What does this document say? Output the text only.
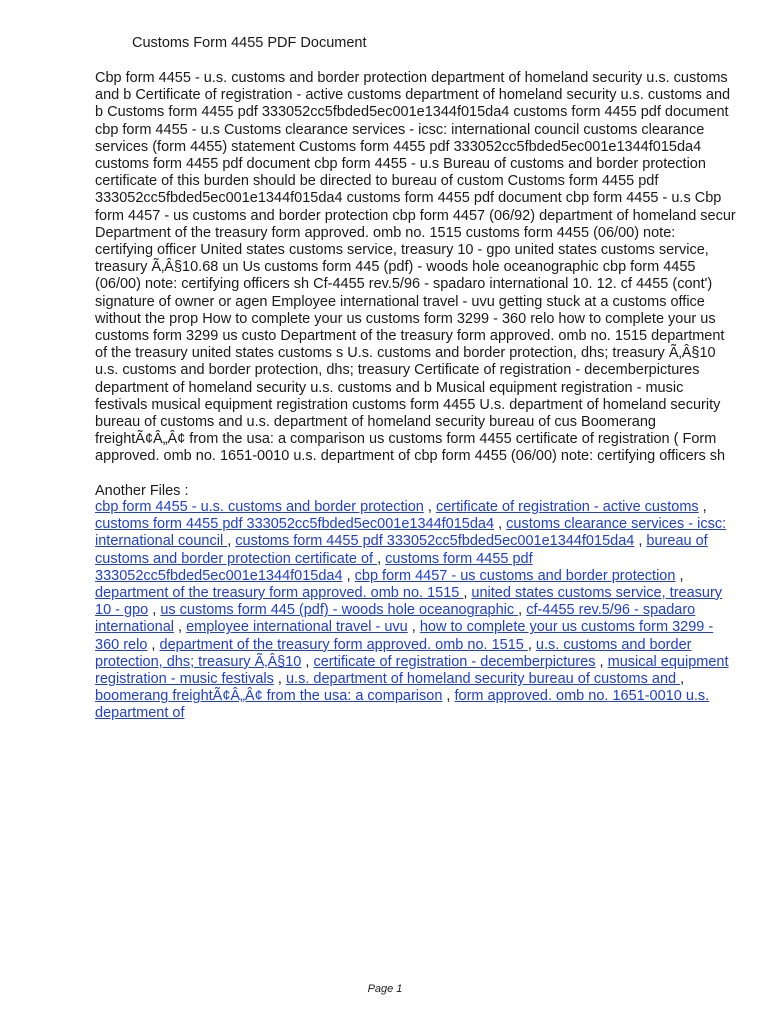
Customs Form 4455 PDF Document
Cbp form 4455 - u.s. customs and border protection department of homeland security u.s. customs and b Certificate of registration - active customs department of homeland security u.s. customs and b Customs form 4455 pdf 333052cc5fbded5ec001e1344f015da4 customs form 4455 pdf document cbp form 4455 - u.s Customs clearance services - icsc: international council customs clearance services (form 4455) statement Customs form 4455 pdf 333052cc5fbded5ec001e1344f015da4 customs form 4455 pdf document cbp form 4455 - u.s Bureau of customs and border protection certificate of this burden should be directed to bureau of custom Customs form 4455 pdf 333052cc5fbded5ec001e1344f015da4 customs form 4455 pdf document cbp form 4455 - u.s Cbp form 4457 - us customs and border protection cbp form 4457 (06/92) department of homeland secur Department of the treasury form approved. omb no. 1515 customs form 4455 (06/00) note: certifying officer United states customs service, treasury 10 - gpo united states customs service, treasury Ã‚Â§10.68 un Us customs form 445 (pdf) - woods hole oceanographic cbp form 4455 (06/00) note: certifying officers sh Cf-4455 rev.5/96 - spadaro international 10. 12. cf 4455 (cont') signature of owner or agen Employee international travel - uvu getting stuck at a customs office without the prop How to complete your us customs form 3299 - 360 relo how to complete your us customs form 3299 us custo Department of the treasury form approved. omb no. 1515 department of the treasury united states customs s U.s. customs and border protection, dhs; treasury Ã‚Â§10 u.s. customs and border protection, dhs; treasury Certificate of registration - decemberpictures department of homeland security u.s. customs and b Musical equipment registration - music festivals musical equipment registration customs form 4455 U.s. department of homeland security bureau of customs and u.s. department of homeland security bureau of cus Boomerang freightÃ¢Â„Â¢ from the usa: a comparison us customs form 4455 certificate of registration ( Form approved. omb no. 1651-0010 u.s. department of cbp form 4455 (06/00) note: certifying officers sh
Another Files :
cbp form 4455 - u.s. customs and border protection , certificate of registration - active customs , customs form 4455 pdf 333052cc5fbded5ec001e1344f015da4 , customs clearance services - icsc: international council , customs form 4455 pdf 333052cc5fbded5ec001e1344f015da4 , bureau of customs and border protection certificate of , customs form 4455 pdf 333052cc5fbded5ec001e1344f015da4 , cbp form 4457 - us customs and border protection , department of the treasury form approved. omb no. 1515 , united states customs service, treasury 10 - gpo , us customs form 445 (pdf) - woods hole oceanographic , cf-4455 rev.5/96 - spadaro international , employee international travel - uvu , how to complete your us customs form 3299 - 360 relo , department of the treasury form approved. omb no. 1515 , u.s. customs and border protection, dhs; treasury Ã‚Â§10 , certificate of registration - decemberpictures , musical equipment registration - music festivals , u.s. department of homeland security bureau of customs and , boomerang freightÃ¢Â„Â¢ from the usa: a comparison , form approved. omb no. 1651-0010 u.s. department of
Page 1
